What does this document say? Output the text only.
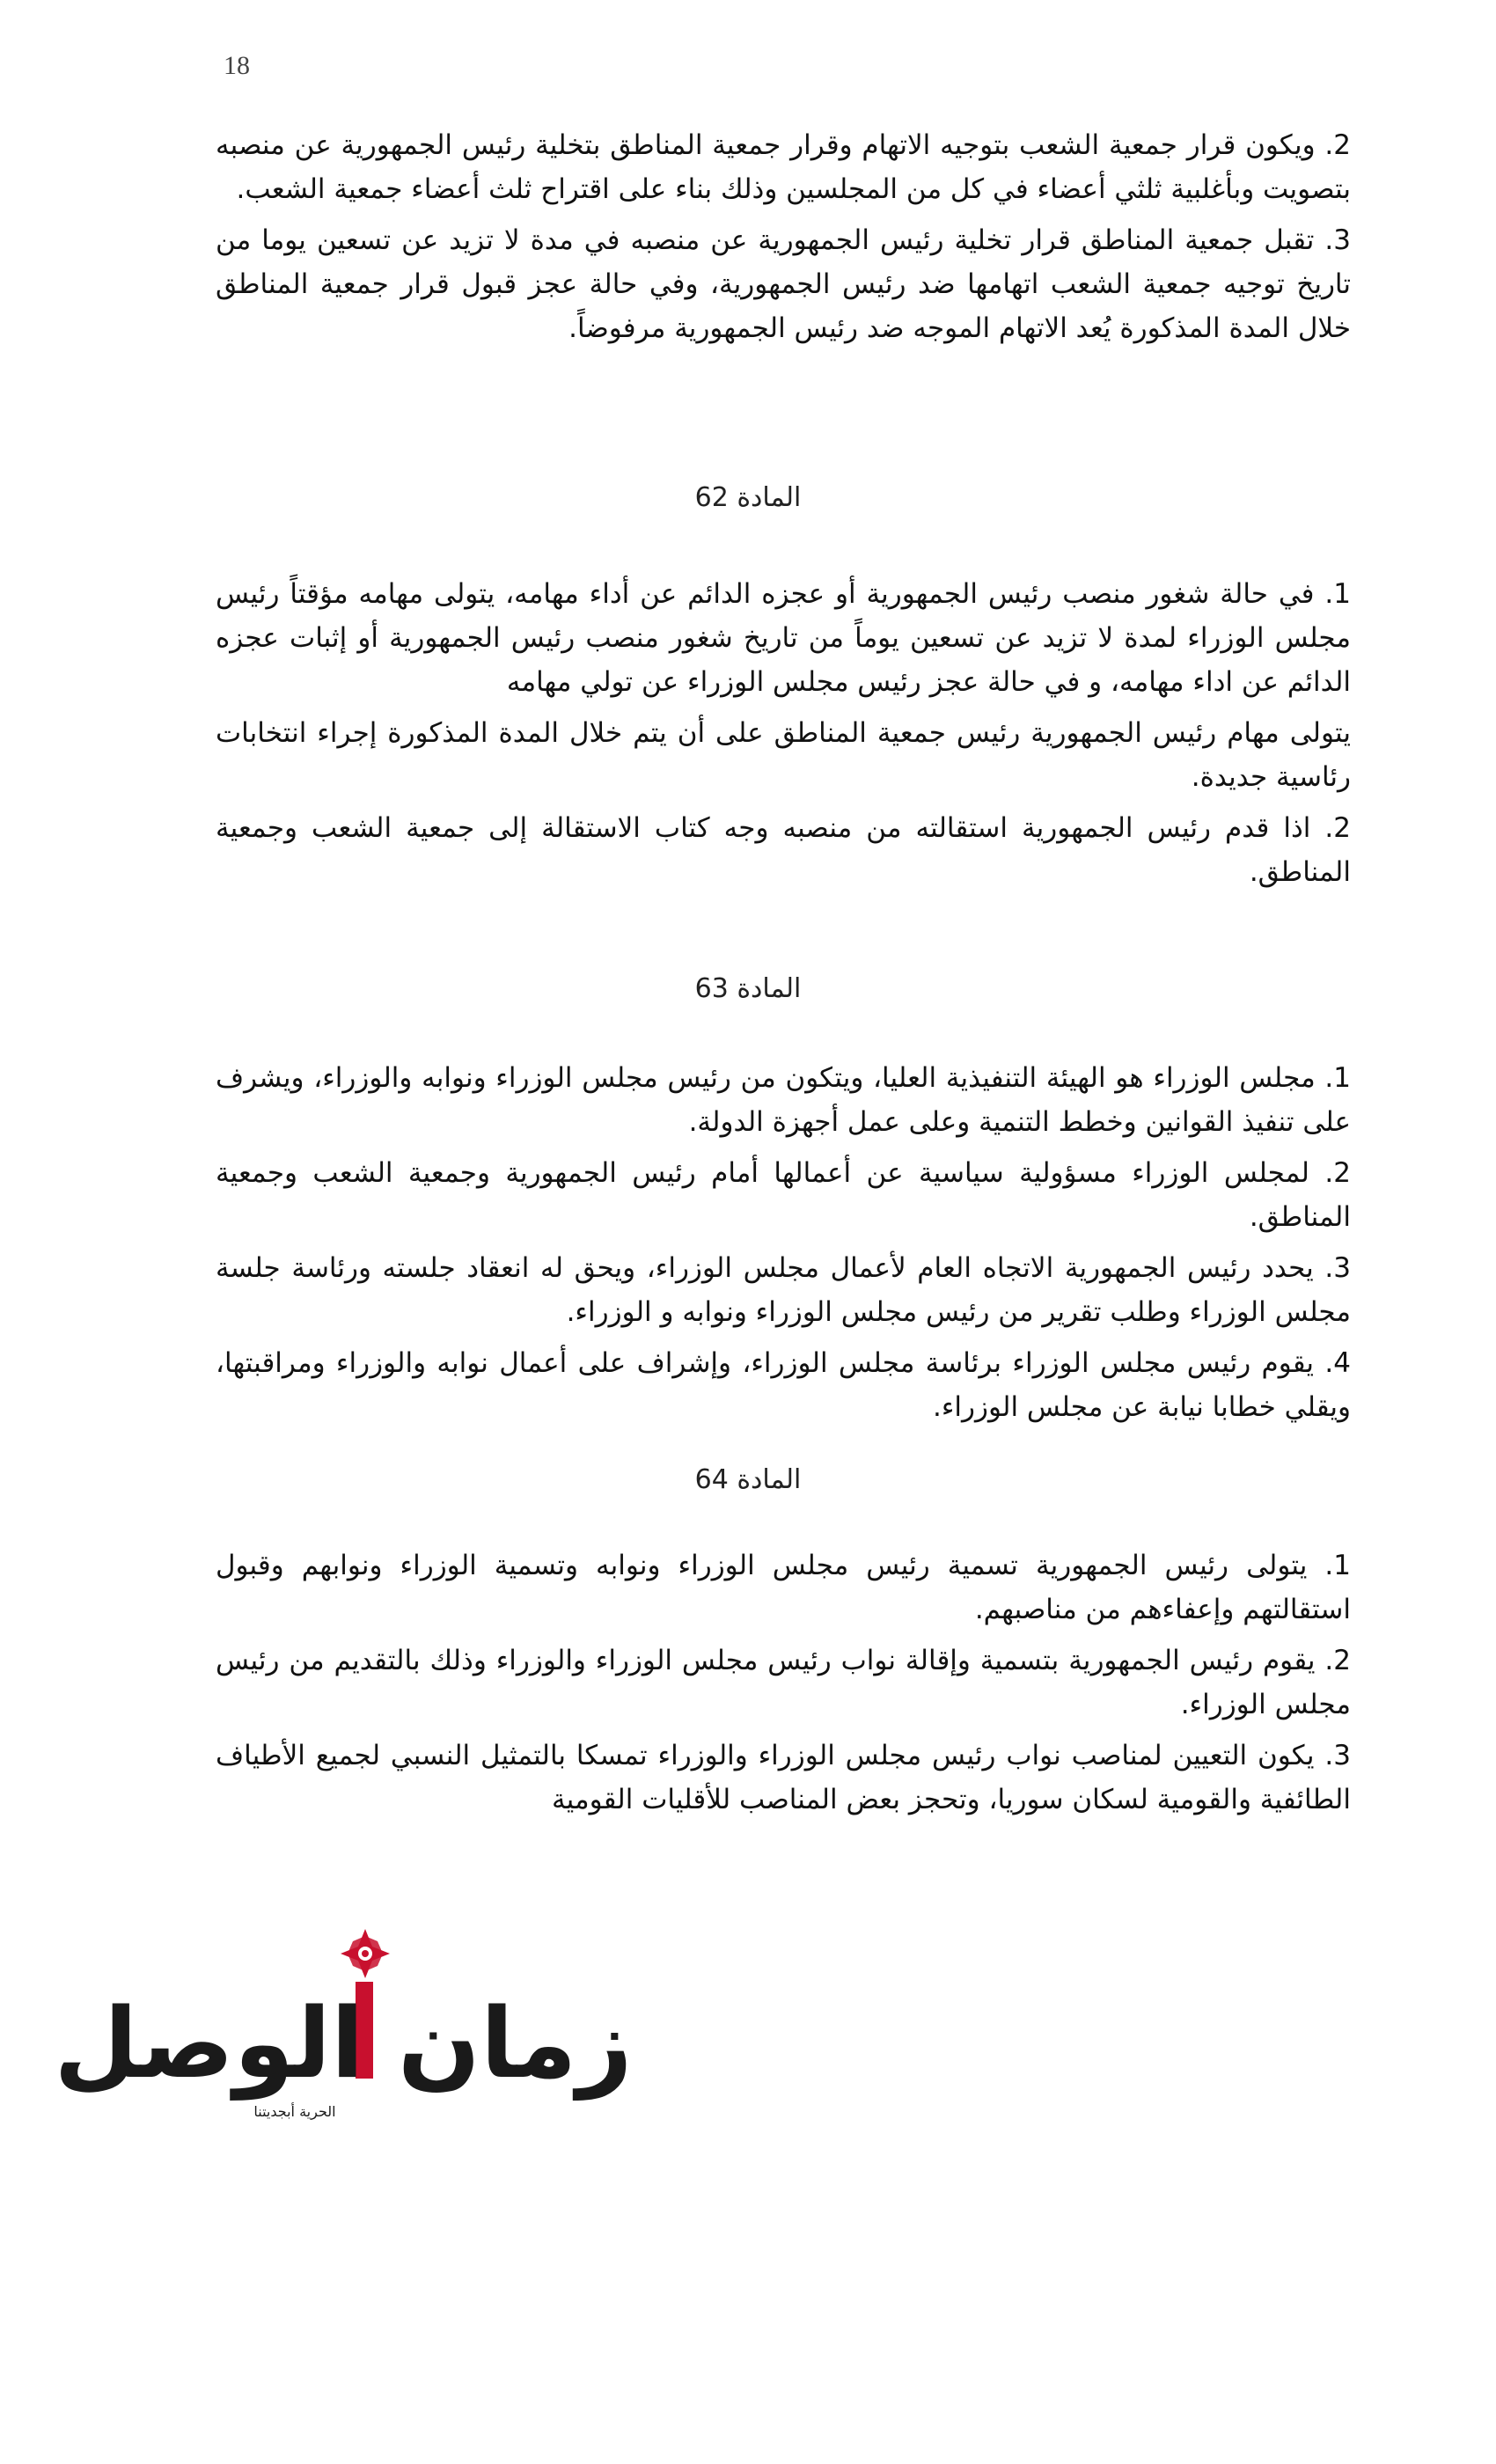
18

2. ويكون قرار جمعية الشعب بتوجيه الاتهام وقرار جمعية المناطق بتخلية رئيس الجمهورية عن منصبه بتصويت وبأغلبية ثلثي أعضاء في كل من المجلسين وذلك بناء على اقتراح ثلث أعضاء جمعية الشعب.

3. تقبل جمعية المناطق قرار تخلية رئيس الجمهورية عن منصبه في مدة لا تزيد عن تسعين يوما من تاريخ توجيه جمعية الشعب اتهامها ضد رئيس الجمهورية، وفي حالة عجز قبول قرار جمعية المناطق خلال المدة المذكورة يُعد الاتهام الموجه ضد رئيس الجمهورية مرفوضاً.

المادة 62

1. في حالة شغور منصب رئيس الجمهورية أو عجزه الدائم عن أداء مهامه، يتولى مهامه مؤقتاً رئيس مجلس الوزراء لمدة لا تزيد عن تسعين يوماً من تاريخ شغور منصب رئيس الجمهورية أو إثبات عجزه الدائم عن اداء مهامه، و في حالة عجز رئيس مجلس الوزراء عن تولي مهامه

يتولى مهام رئيس الجمهورية رئيس جمعية المناطق على أن يتم خلال المدة المذكورة إجراء انتخابات رئاسية جديدة.

2. اذا قدم رئيس الجمهورية استقالته من منصبه وجه كتاب الاستقالة إلى جمعية الشعب وجمعية المناطق.

المادة 63

1. مجلس الوزراء هو الهيئة التنفيذية العليا، ويتكون من رئيس مجلس الوزراء ونوابه والوزراء، ويشرف على تنفيذ القوانين وخطط التنمية وعلى عمل أجهزة الدولة.

2. لمجلس الوزراء مسؤولية سياسية عن أعمالها أمام رئيس الجمهورية وجمعية الشعب وجمعية المناطق.

3. يحدد رئيس الجمهورية الاتجاه العام لأعمال مجلس الوزراء، ويحق له انعقاد جلسته ورئاسة جلسة مجلس الوزراء وطلب تقرير من رئيس مجلس الوزراء ونوابه و الوزراء.

4. يقوم رئيس مجلس الوزراء برئاسة مجلس الوزراء، وإشراف على أعمال نوابه والوزراء ومراقبتها، ويقلي خطابا نيابة عن مجلس الوزراء.

المادة 64

1. يتولى رئيس الجمهورية تسمية رئيس مجلس الوزراء ونوابه وتسمية الوزراء ونوابهم وقبول استقالتهم وإعفاءهم من مناصبهم.

2. يقوم رئيس الجمهورية بتسمية وإقالة نواب رئيس مجلس الوزراء والوزراء وذلك بالتقديم من رئيس مجلس الوزراء.

3. يكون التعيين لمناصب نواب رئيس مجلس الوزراء والوزراء تمسكا بالتمثيل النسبي لجميع الأطياف الطائفية والقومية لسكان سوريا، وتحجز بعض المناصب للأقليات القومية

زمان الوصل
الحرية أبجديتنا
